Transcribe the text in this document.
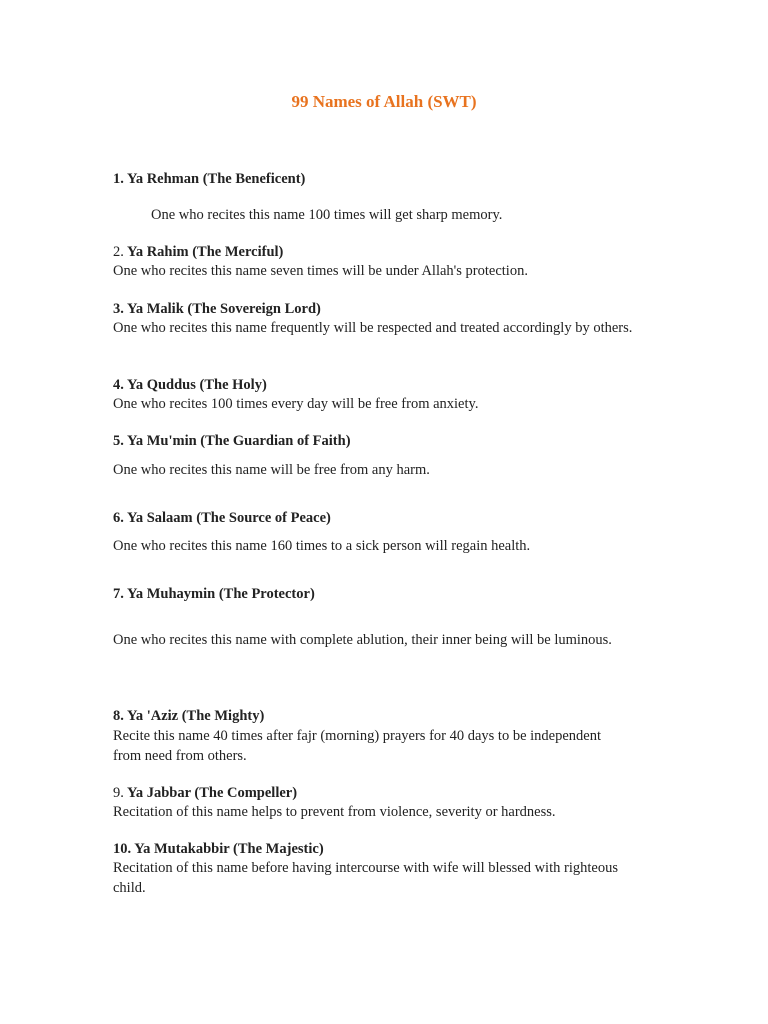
99 Names of Allah (SWT)
1. Ya Rehman (The Beneficent)
One who recites this name 100 times will get sharp memory.
2. Ya Rahim (The Merciful)
One who recites this name seven times will be under Allah's protection.
3. Ya Malik (The Sovereign Lord)
One who recites this name frequently will be respected and treated accordingly by others.
4. Ya Quddus (The Holy)
One who recites 100 times every day will be free from anxiety.
5. Ya Mu'min (The Guardian of Faith)
One who recites this name will be free from any harm.
6. Ya Salaam (The Source of Peace)
One who recites this name 160 times to a sick person will regain health.
7. Ya Muhaymin (The Protector)
One who recites this name with complete ablution, their inner being will be luminous.
8. Ya 'Aziz (The Mighty)
Recite this name 40 times after fajr (morning) prayers for 40 days to be independent from need from others.
9. Ya Jabbar (The Compeller)
Recitation of this name helps to prevent from violence, severity or hardness.
10. Ya Mutakabbir (The Majestic)
Recitation of this name before having intercourse with wife will blessed with righteous child.
